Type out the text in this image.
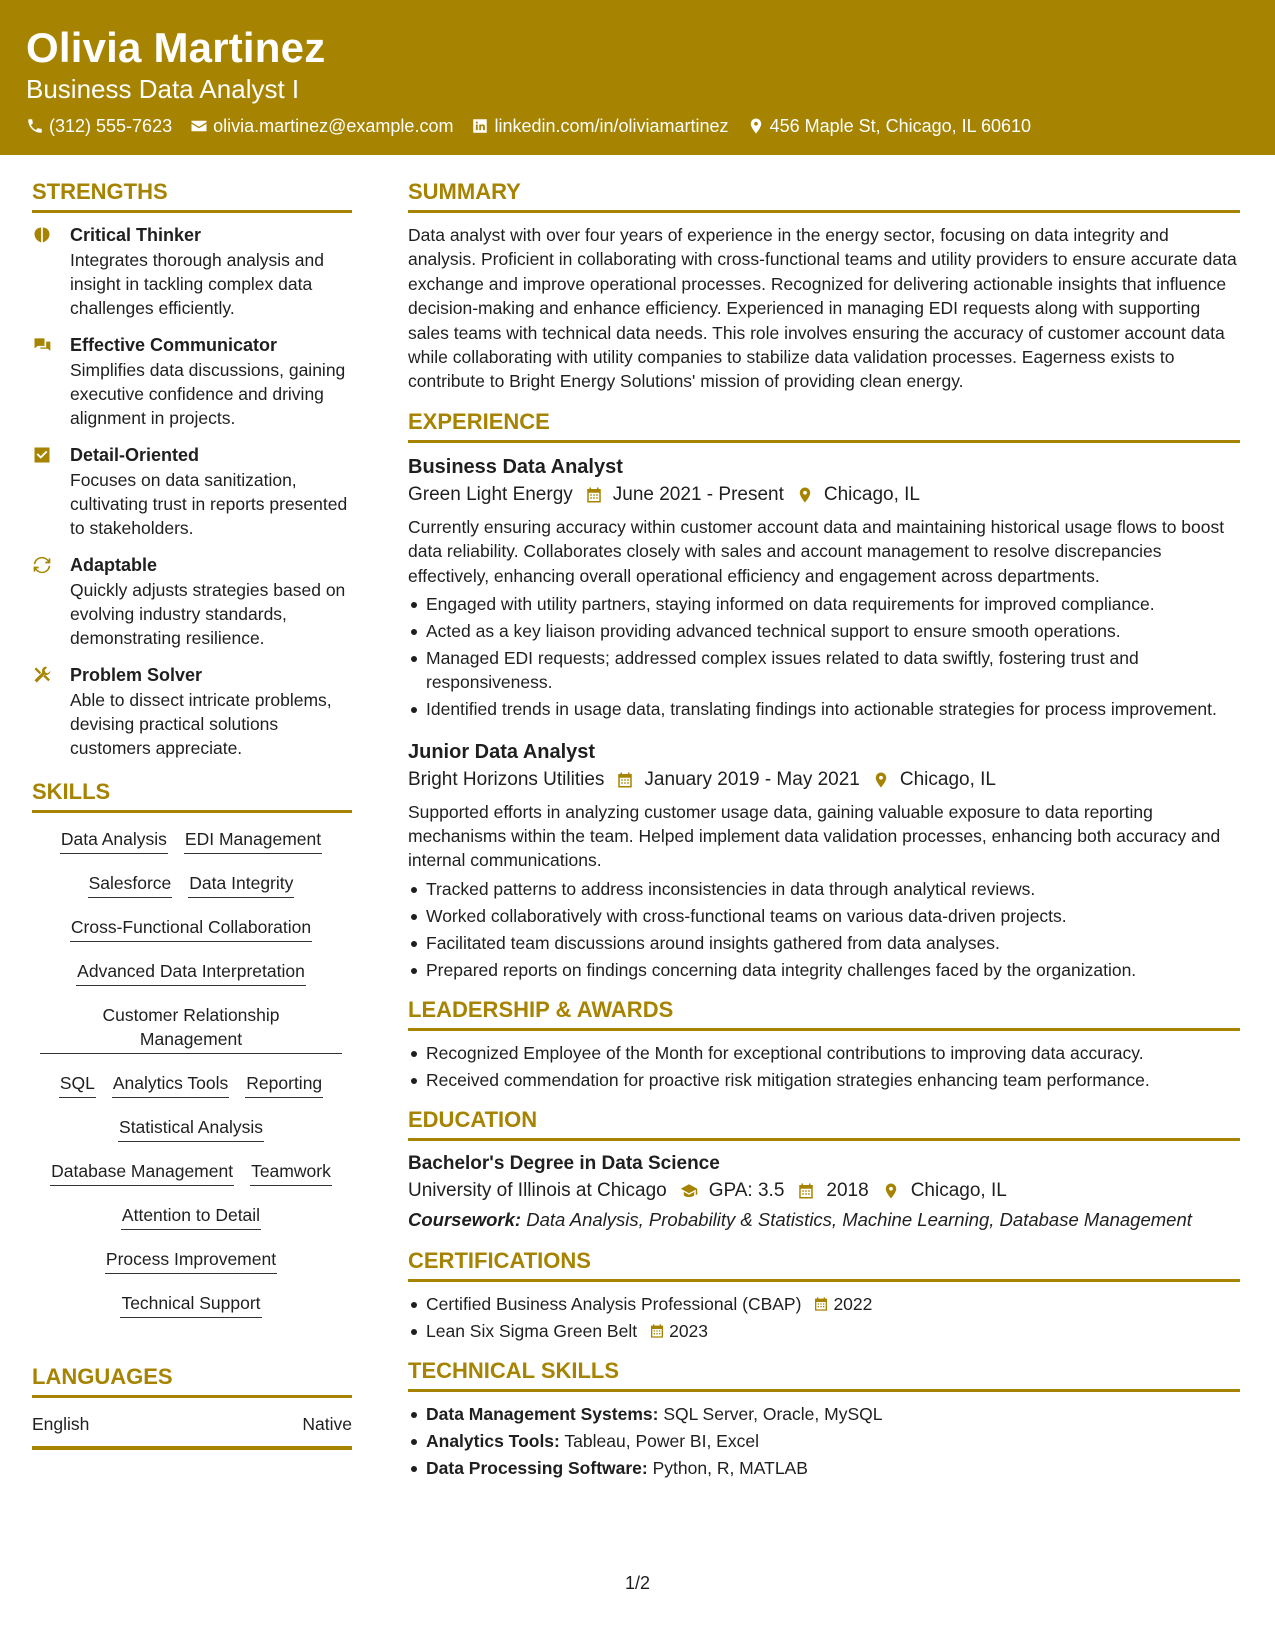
Olivia Martinez
Business Data Analyst I
(312) 555-7623 olivia.martinez@example.com linkedin.com/in/oliviamartinez 456 Maple St, Chicago, IL 60610
STRENGTHS
Critical Thinker
Integrates thorough analysis and insight in tackling complex data challenges efficiently.
Effective Communicator
Simplifies data discussions, gaining executive confidence and driving alignment in projects.
Detail-Oriented
Focuses on data sanitization, cultivating trust in reports presented to stakeholders.
Adaptable
Quickly adjusts strategies based on evolving industry standards, demonstrating resilience.
Problem Solver
Able to dissect intricate problems, devising practical solutions customers appreciate.
SKILLS
Data Analysis EDI Management
Salesforce Data Integrity
Cross-Functional Collaboration
Advanced Data Interpretation
Customer Relationship Management
SQL Analytics Tools Reporting
Statistical Analysis
Database Management Teamwork
Attention to Detail
Process Improvement
Technical Support
LANGUAGES
English	Native
SUMMARY
Data analyst with over four years of experience in the energy sector, focusing on data integrity and analysis. Proficient in collaborating with cross-functional teams and utility providers to ensure accurate data exchange and improve operational processes. Recognized for delivering actionable insights that influence decision-making and enhance efficiency. Experienced in managing EDI requests along with supporting sales teams with technical data needs. This role involves ensuring the accuracy of customer account data while collaborating with utility companies to stabilize data validation processes. Eagerness exists to contribute to Bright Energy Solutions' mission of providing clean energy.
EXPERIENCE
Business Data Analyst
Green Light Energy June 2021 - Present Chicago, IL
Currently ensuring accuracy within customer account data and maintaining historical usage flows to boost data reliability. Collaborates closely with sales and account management to resolve discrepancies effectively, enhancing overall operational efficiency and engagement across departments.
Engaged with utility partners, staying informed on data requirements for improved compliance.
Acted as a key liaison providing advanced technical support to ensure smooth operations.
Managed EDI requests; addressed complex issues related to data swiftly, fostering trust and responsiveness.
Identified trends in usage data, translating findings into actionable strategies for process improvement.
Junior Data Analyst
Bright Horizons Utilities January 2019 - May 2021 Chicago, IL
Supported efforts in analyzing customer usage data, gaining valuable exposure to data reporting mechanisms within the team. Helped implement data validation processes, enhancing both accuracy and internal communications.
Tracked patterns to address inconsistencies in data through analytical reviews.
Worked collaboratively with cross-functional teams on various data-driven projects.
Facilitated team discussions around insights gathered from data analyses.
Prepared reports on findings concerning data integrity challenges faced by the organization.
LEADERSHIP & AWARDS
Recognized Employee of the Month for exceptional contributions to improving data accuracy.
Received commendation for proactive risk mitigation strategies enhancing team performance.
EDUCATION
Bachelor's Degree in Data Science
University of Illinois at Chicago GPA: 3.5 2018 Chicago, IL
Coursework: Data Analysis, Probability & Statistics, Machine Learning, Database Management
CERTIFICATIONS
Certified Business Analysis Professional (CBAP) 2022
Lean Six Sigma Green Belt 2023
TECHNICAL SKILLS
Data Management Systems: SQL Server, Oracle, MySQL
Analytics Tools: Tableau, Power BI, Excel
Data Processing Software: Python, R, MATLAB
1/2
